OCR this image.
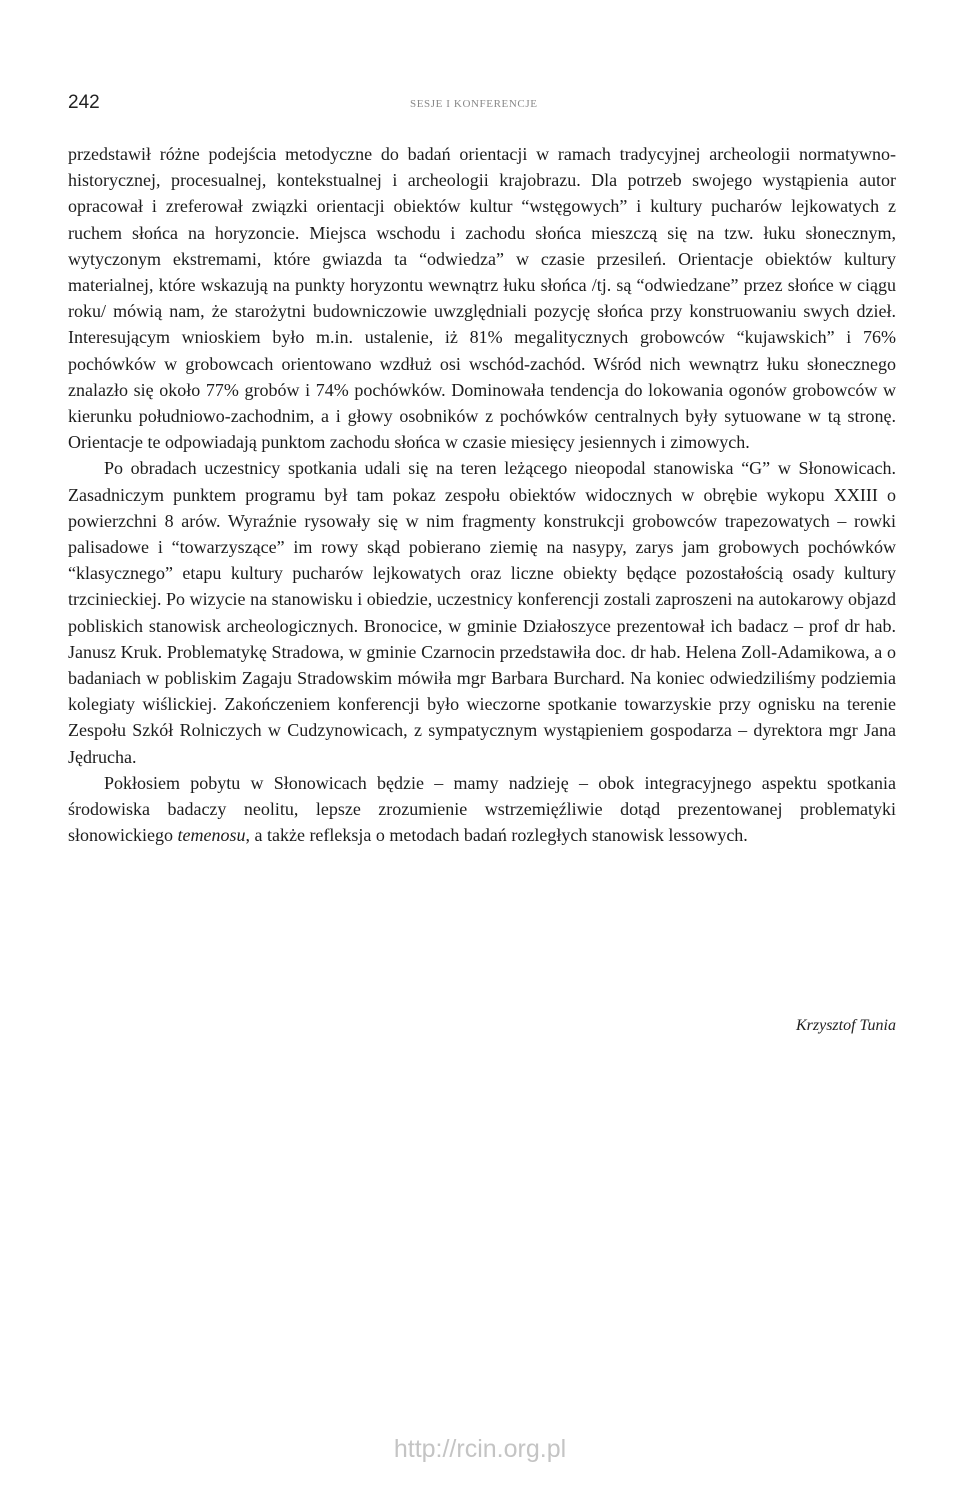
242	SESJE I KONFERENCJE

przedstawił różne podejścia metodyczne do badań orientacji w ramach tradycyjnej archeologii normatywno-historycznej, procesualnej, kontekstualnej i archeologii krajobrazu. Dla potrzeb swojego wystąpienia autor opracował i zreferował związki orientacji obiektów kultur “wstęgowych” i kultury pucharów lejkowatych z ruchem słońca na horyzoncie. Miejsca wschodu i zachodu słońca mieszczą się na tzw. łuku słonecznym, wytyczonym ekstremami, które gwiazda ta “odwiedza” w czasie przesileń. Orientacje obiektów kultury materialnej, które wskazują na punkty horyzontu wewnątrz łuku słońca /tj. są “odwiedzane” przez słońce w ciągu roku/ mówią nam, że starożytni budowniczowie uwzględniali pozycję słońca przy konstruowaniu swych dzieł. Interesującym wnioskiem było m.in. ustalenie, iż 81% megalitycznych grobowców “kujawskich” i 76% pochówków w grobowcach orientowano wzdłuż osi wschód-zachód. Wśród nich wewnątrz łuku słonecznego znalazło się około 77% grobów i 74% pochówków. Dominowała tendencja do lokowania ogonów grobowców w kierunku południowo-zachodnim, a i głowy osobników z pochówków centralnych były sytuowane w tą stronę. Orientacje te odpowiadają punktom zachodu słońca w czasie miesięcy jesiennych i zimowych.

Po obradach uczestnicy spotkania udali się na teren leżącego nieopodal stanowiska “G” w Słonowicach. Zasadniczym punktem programu był tam pokaz zespołu obiektów widocznych w obrębie wykopu XXIII o powierzchni 8 arów. Wyraźnie rysowały się w nim fragmenty konstrukcji grobowców trapezowatych – rowki palisadowe i “towarzyszące” im rowy skąd pobierano ziemię na nasypy, zarys jam grobowych pochówków “klasycznego” etapu kultury pucharów lejkowatych oraz liczne obiekty będące pozostałością osady kultury trzcinieckiej. Po wizycie na stanowisku i obiedzie, uczestnicy konferencji zostali zaproszeni na autokarowy objazd pobliskich stanowisk archeologicznych. Bronocice, w gminie Działoszyce prezentował ich badacz – prof dr hab. Janusz Kruk. Problematykę Stradowa, w gminie Czarnocin przedstawiła doc. dr hab. Helena Zoll-Adamikowa, a o badaniach w pobliskim Zagaju Stradowskim mówiła mgr Barbara Burchard. Na koniec odwiedziliśmy podziemia kolegiaty wiślickiej. Zakończeniem konferencji było wieczorne spotkanie towarzyskie przy ognisku na terenie Zespołu Szkół Rolniczych w Cudzynowicach, z sympatycznym wystąpieniem gospodarza – dyrektora mgr Jana Jędrucha.

Pokłosiem pobytu w Słonowicach będzie – mamy nadzieję – obok integracyjnego aspektu spotkania środowiska badaczy neolitu, lepsze zrozumienie wstrzemięźliwie dotąd prezentowanej problematyki słonowickiego temenosu, a także refleksja o metodach badań rozległych stanowisk lessowych.

Krzysztof Tunia
http://rcin.org.pl
